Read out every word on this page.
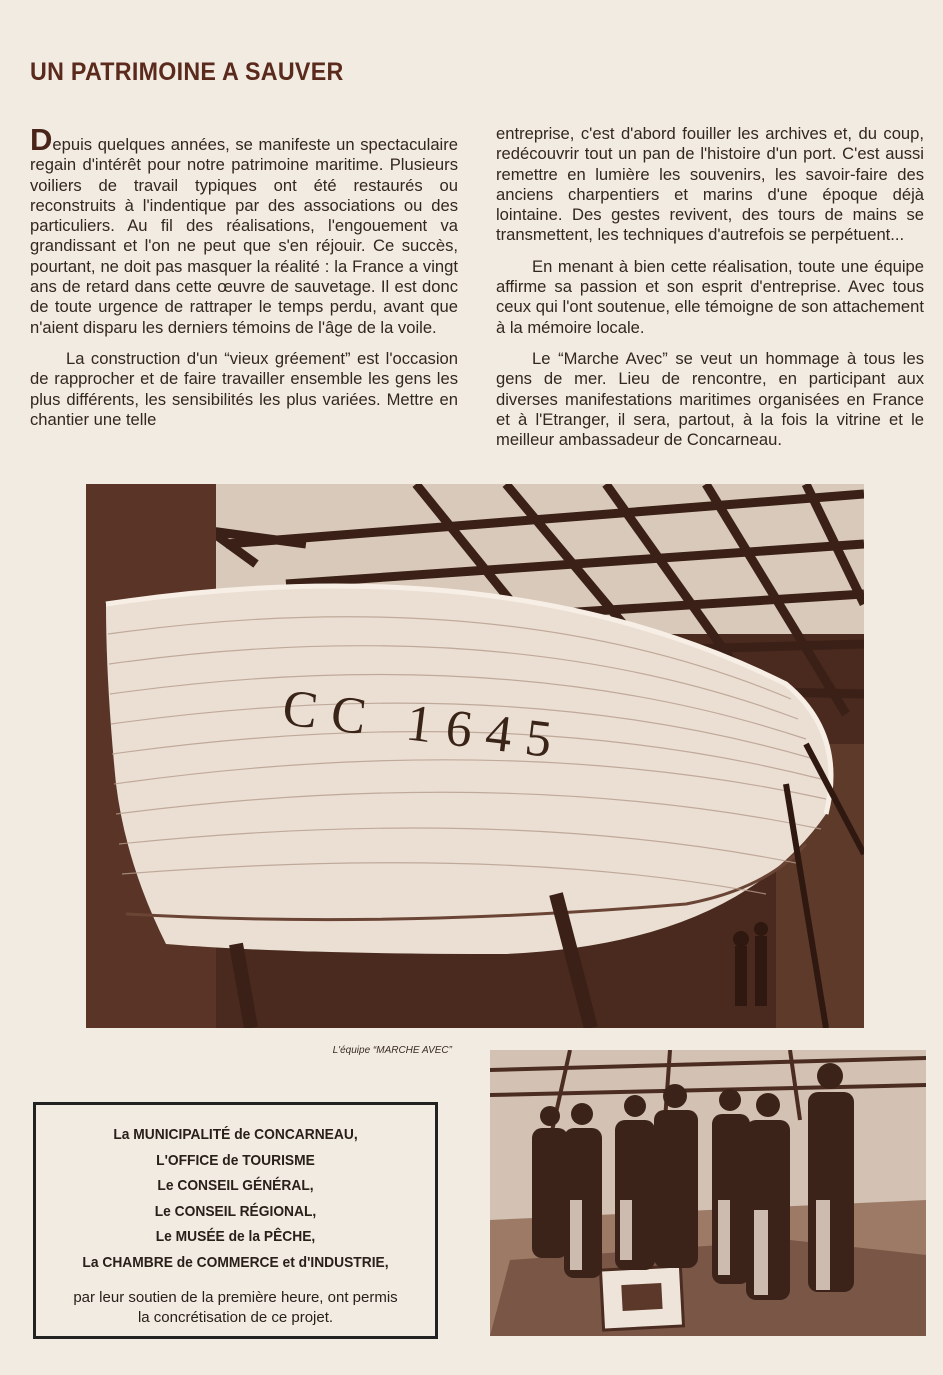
UN PATRIMOINE A SAUVER

Depuis quelques années, se manifeste un spectaculaire regain d'intérêt pour notre patrimoine maritime. Plusieurs voiliers de travail typiques ont été restaurés ou reconstruits à l'indentique par des associations ou des particuliers. Au fil des réalisations, l'engouement va grandissant et l'on ne peut que s'en réjouir. Ce succès, pourtant, ne doit pas masquer la réalité : la France a vingt ans de retard dans cette œuvre de sauvetage. Il est donc de toute urgence de rattraper le temps perdu, avant que n'aient disparu les derniers témoins de l'âge de la voile.

La construction d'un “vieux gréement” est l'occasion de rapprocher et de faire travailler ensemble les gens les plus différents, les sensibilités les plus variées. Mettre en chantier une telle

entreprise, c'est d'abord fouiller les archives et, du coup, redécouvrir tout un pan de l'histoire d'un port. C'est aussi remettre en lumière les souvenirs, les savoir-faire des anciens charpentiers et marins d'une époque déjà lointaine. Des gestes revivent, des tours de mains se transmettent, les techniques d'autrefois se perpétuent...

En menant à bien cette réalisation, toute une équipe affirme sa passion et son esprit d'entreprise. Avec tous ceux qui l'ont soutenue, elle témoigne de son attachement à la mémoire locale.

Le “Marche Avec” se veut un hommage à tous les gens de mer. Lieu de rencontre, en participant aux diverses manifestations maritimes organisées en France et à l'Etranger, il sera, partout, à la fois la vitrine et le meilleur ambassadeur de Concarneau.

CC 1645
L'équipe “MARCHE AVEC”
La MUNICIPALITÉ de CONCARNEAU,
L'OFFICE de TOURISME
Le CONSEIL GÉNÉRAL,
Le CONSEIL RÉGIONAL,
Le MUSÉE de la PÊCHE,
La CHAMBRE de COMMERCE et d'INDUSTRIE,
par leur soutien de la première heure, ont permis la concrétisation de ce projet.
